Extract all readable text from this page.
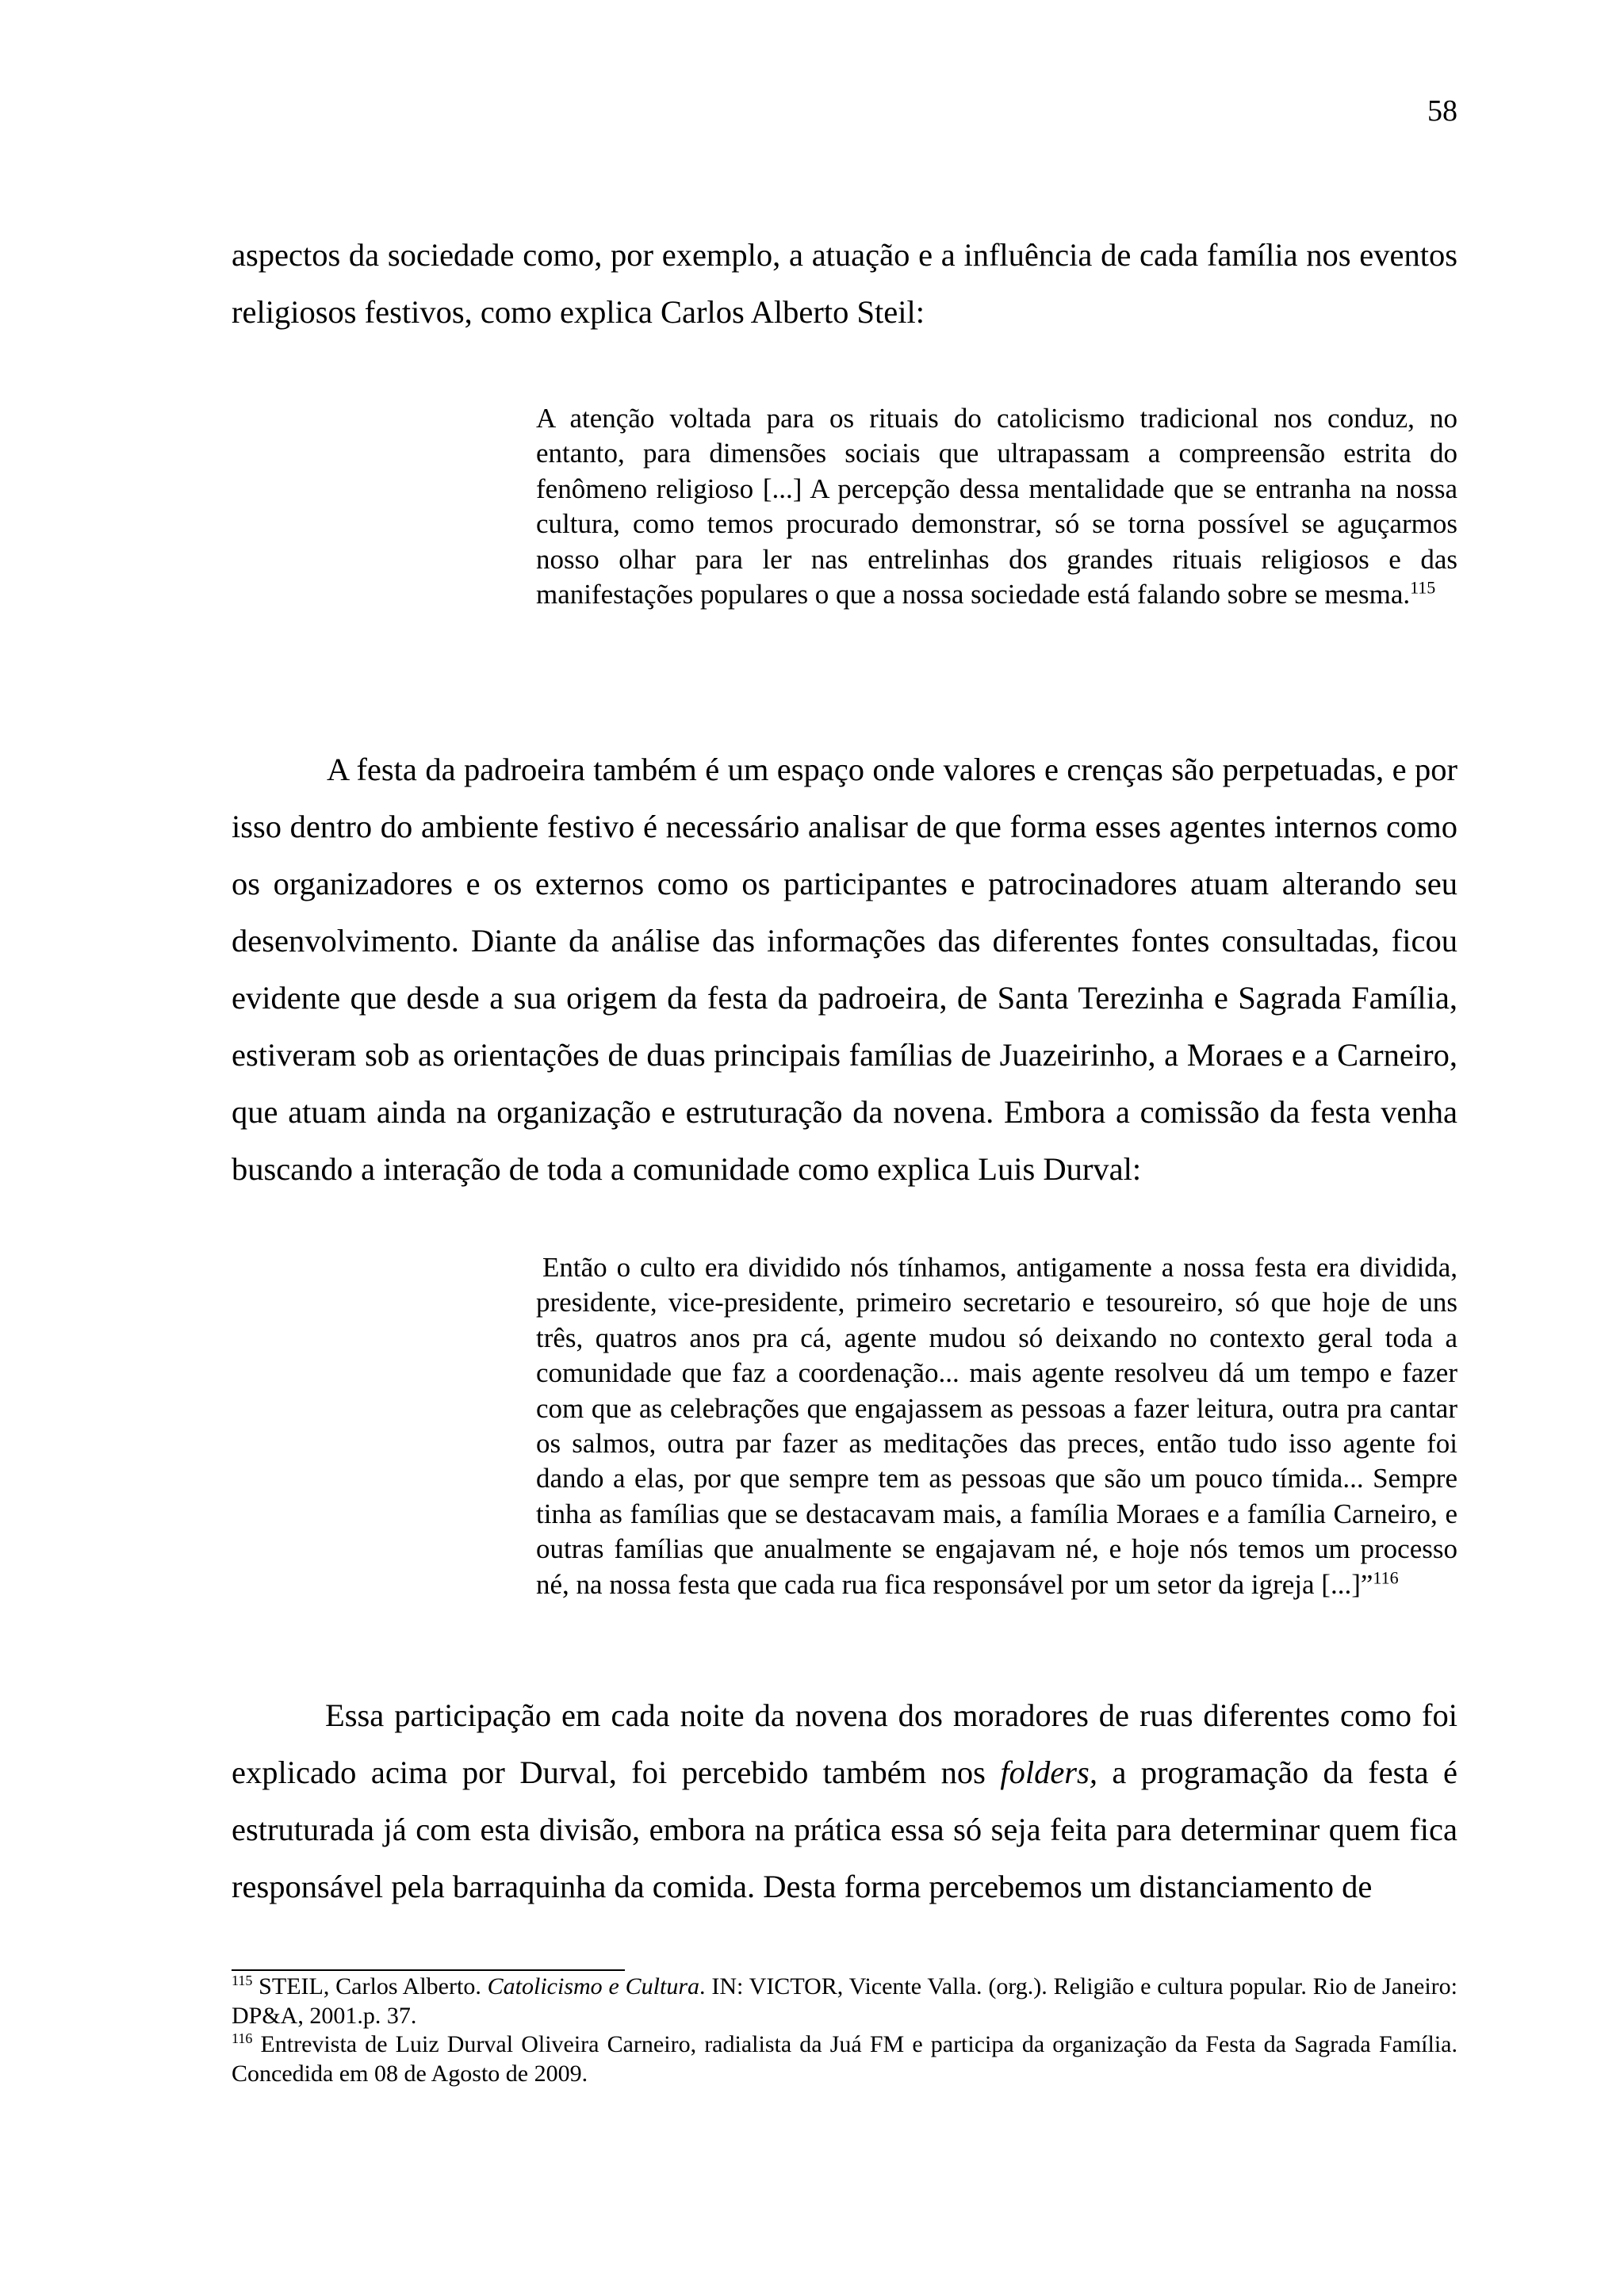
58

aspectos da sociedade como, por exemplo, a atuação e a influência de cada família nos eventos religiosos festivos, como explica Carlos Alberto Steil:

A atenção voltada para os rituais do catolicismo tradicional nos conduz, no entanto, para dimensões sociais que ultrapassam a compreensão estrita do fenômeno religioso [...] A percepção dessa mentalidade que se entranha na nossa cultura, como temos procurado demonstrar, só se torna possível se aguçarmos nosso olhar para ler nas entrelinhas dos grandes rituais religiosos e das manifestações populares o que a nossa sociedade está falando sobre se mesma.$^{115}$

A festa da padroeira também é um espaço onde valores e crenças são perpetuadas, e por isso dentro do ambiente festivo é necessário analisar de que forma esses agentes internos como os organizadores e os externos como os participantes e patrocinadores atuam alterando seu desenvolvimento. Diante da análise das informações das diferentes fontes consultadas, ficou evidente que desde a sua origem da festa da padroeira, de Santa Terezinha e Sagrada Família, estiveram sob as orientações de duas principais famílias de Juazeirinho, a Moraes e a Carneiro, que atuam ainda na organização e estruturação da novena. Embora a comissão da festa venha buscando a interação de toda a comunidade como explica Luis Durval:

Então o culto era dividido nós tínhamos, antigamente a nossa festa era dividida, presidente, vice-presidente, primeiro secretario e tesoureiro, só que hoje de uns três, quatros anos pra cá, agente mudou só deixando no contexto geral toda a comunidade que faz a coordenação... mais agente resolveu dá um tempo e fazer com que as celebrações que engajassem as pessoas a fazer leitura, outra pra cantar os salmos, outra par fazer as meditações das preces, então tudo isso agente foi dando a elas, por que sempre tem as pessoas que são um pouco tímida... Sempre tinha as famílias que se destacavam mais, a família Moraes e a família Carneiro, e outras famílias que anualmente se engajavam né, e hoje nós temos um processo né, na nossa festa que cada rua fica responsável por um setor da igreja [...]”$^{116}$

Essa participação em cada noite da novena dos moradores de ruas diferentes como foi explicado acima por Durval, foi percebido também nos folders, a programação da festa é estruturada já com esta divisão, embora na prática essa só seja feita para determinar quem fica responsável pela barraquinha da comida. Desta forma percebemos um distanciamento de

$^{115}$ STEIL, Carlos Alberto. Catolicismo e Cultura. IN: VICTOR, Vicente Valla. (org.). Religião e cultura popular. Rio de Janeiro: DP&A, 2001.p. 37.

$^{116}$ Entrevista de Luiz Durval Oliveira Carneiro, radialista da Juá FM e participa da organização da Festa da Sagrada Família. Concedida em 08 de Agosto de 2009.
